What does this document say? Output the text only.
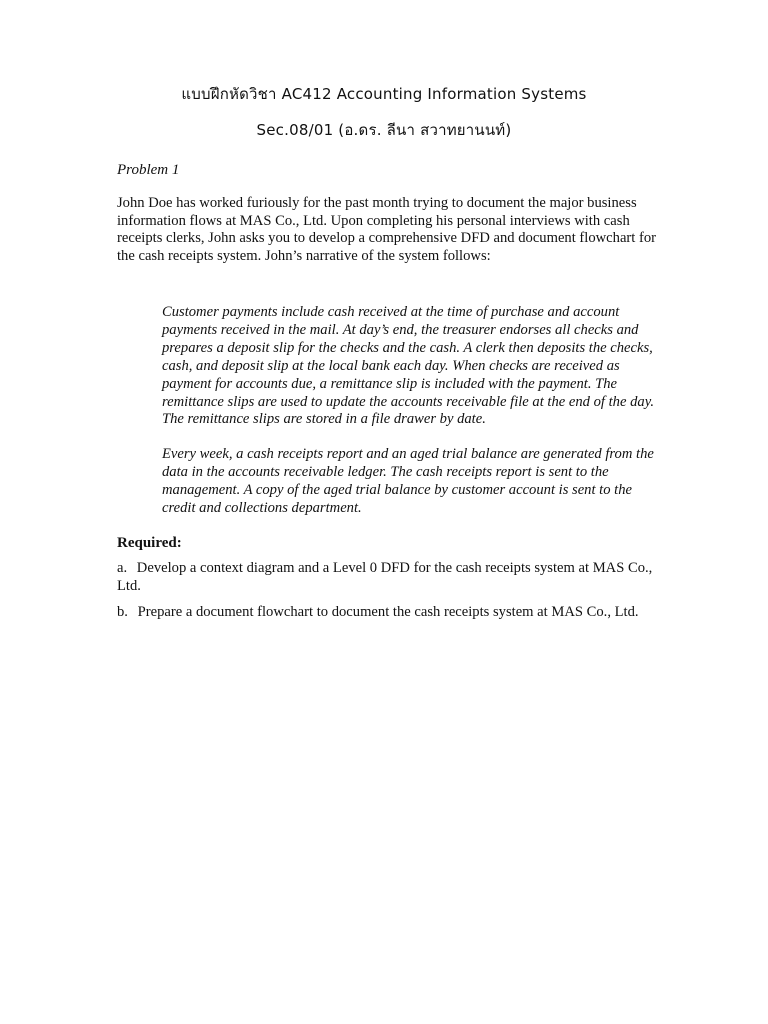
แบบฝึกหัดวิชา AC412 Accounting Information Systems
Sec.08/01 (อ.ดร. ลีนา สวาทยานนท์)
Problem 1
John Doe has worked furiously for the past month trying to document the major business information flows at MAS Co., Ltd. Upon completing his personal interviews with cash receipts clerks, John asks you to develop a comprehensive DFD and document flowchart for the cash receipts system. John’s narrative of the system follows:
Customer payments include cash received at the time of purchase and account payments received in the mail. At day’s end, the treasurer endorses all checks and prepares a deposit slip for the checks and the cash. A clerk then deposits the checks, cash, and deposit slip at the local bank each day. When checks are received as payment for accounts due, a remittance slip is included with the payment. The remittance slips are used to update the accounts receivable file at the end of the day. The remittance slips are stored in a file drawer by date.
Every week, a cash receipts report and an aged trial balance are generated from the data in the accounts receivable ledger. The cash receipts report is sent to the management. A copy of the aged trial balance by customer account is sent to the credit and collections department.
Required:
a. Develop a context diagram and a Level 0 DFD for the cash receipts system at MAS Co., Ltd.
b. Prepare a document flowchart to document the cash receipts system at MAS Co., Ltd.
